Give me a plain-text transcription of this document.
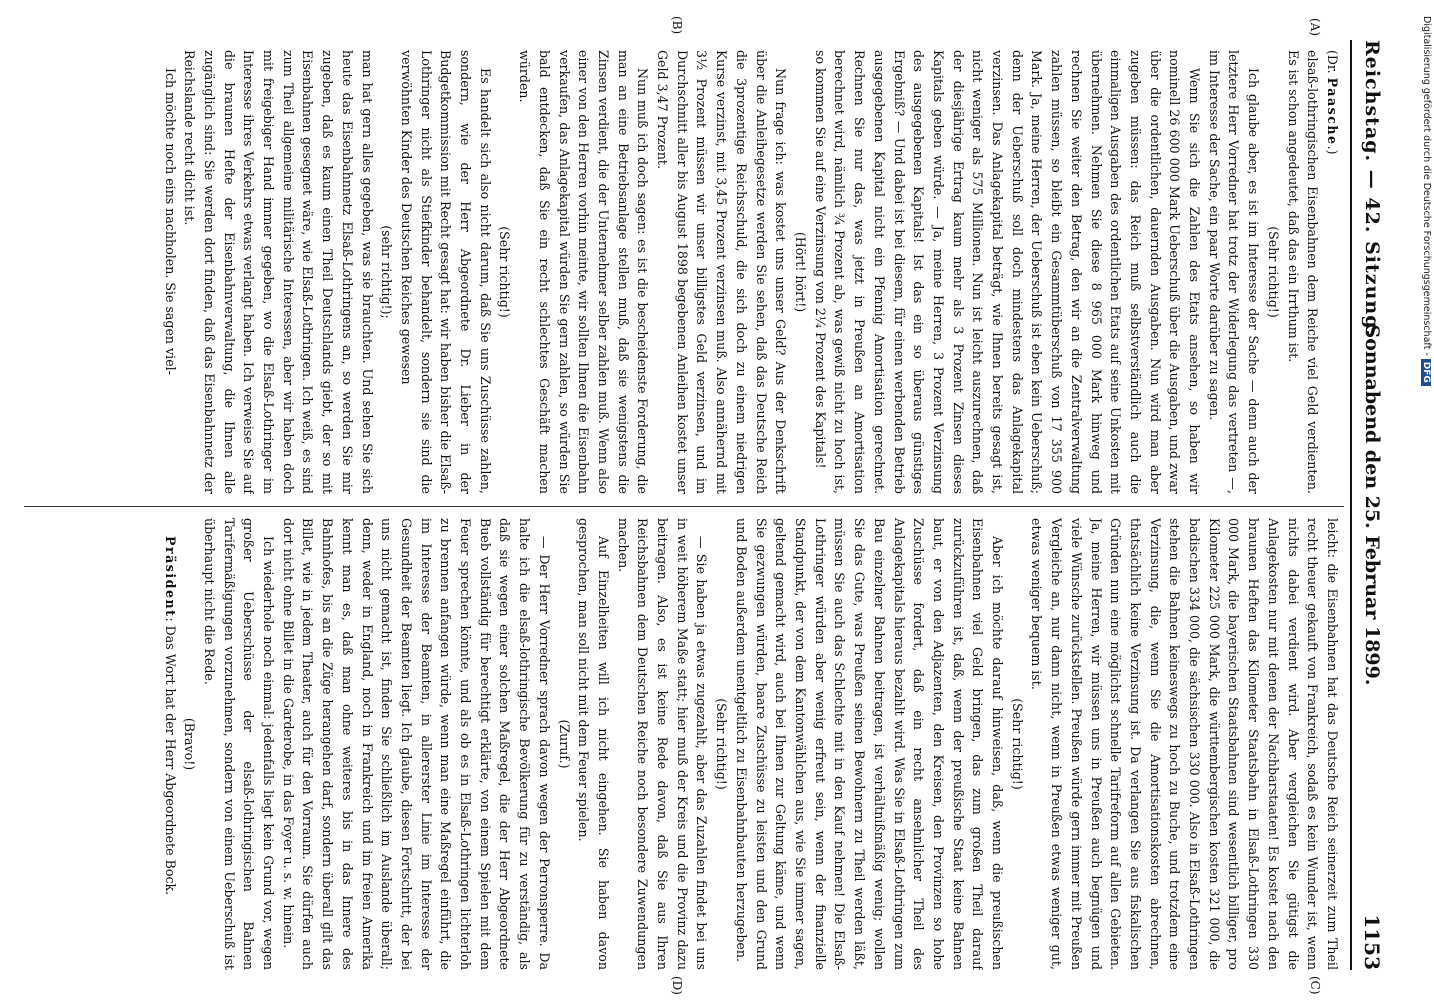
Reichstag. — 42. Sitzung.
Sonnabend den 25. Februar 1899.
1153
(A)
(B)
(C)
(D)

(Dr. Paasche.)

elsaß-lothringischen Eisenbahnen dem Reiche viel Geld verdienten. Es ist schon angedeutet, daß das ein Irrthum ist.

(Sehr richtig!)

Ich glaube aber, es ist im Interesse der Sache — denn auch der letztere Herr Vorredner hat trotz der Widerlegung das vertreten —, im Interesse der Sache, ein paar Worte darüber zu sagen.

Wenn Sie sich die Zahlen des Etats ansehen, so haben wir nominell 26 600 000 Mark Ueberschuß über die Ausgaben, und zwar über die ordentlichen, dauernden Ausgaben. Nun wird man aber zugeben müssen: das Reich muß selbstverständlich auch die einmaligen Ausgaben des ordentlichen Etats auf seine Unkosten mit übernehmen. Nehmen Sie diese 8 965 000 Mark hinweg und rechnen Sie weiter den Betrag, den wir an die Zentralverwaltung zahlen müssen, so bleibt ein Gesammtüberschuß von 17 355 900 Mark. Ja, meine Herren, der Ueberschuß ist eben kein Ueberschuß; denn der Ueberschuß soll doch mindestens das Anlagekapital verzinsen. Das Anlagekapital beträgt, wie Ihnen bereits gesagt ist, nicht weniger als 575 Millionen. Nun ist leicht auszurechnen, daß der diesjährige Ertrag kaum mehr als 3 Prozent Zinsen dieses Kapitals geben würde. — Ja, meine Herren, 3 Prozent Verzinsung des ausgegebenen Kapitals! Ist das ein so überaus günstiges Ergebniß? — Und dabei ist bei diesem, für einen werbenden Betrieb ausgegebenen Kapital nicht ein Pfennig Amortisation gerechnet. Rechnen Sie nur das, was jetzt in Preußen an Amortisation berechnet wird, nämlich ¾ Prozent ab, was gewiß nicht zu hoch ist, so kommen Sie auf eine Verzinsung von 2¼ Prozent des Kapitals!

(Hört! hört!)

Nun frage ich: was kostet uns unser Geld? Aus der Denkschrift über die Anleihegesetze werden Sie sehen, daß das Deutsche Reich die 3prozentige Reichsschuld, die sich doch zu einem niedrigen Kurse verzinst, mit 3,45 Prozent verzinsen muß. Also annähernd mit 3½ Prozent müssen wir unser billigstes Geld verzinsen, und im Durchschnitt aller bis August 1898 begebenen Anleihen kostet unser Geld 3,47 Prozent.

Nun muß ich doch sagen: es ist die bescheidenste Forderung, die man an eine Betriebsanlage stellen muß, daß sie wenigstens die Zinsen verdient, die der Unternehmer selber zahlen muß. Wenn also einer von den Herren vorhin meinte, wir sollten Ihnen die Eisenbahn verkaufen, das Anlagekapital würden Sie gern zahlen, so würden Sie bald entdecken, daß Sie ein recht schlechtes Geschäft machen würden.

(Sehr richtig!)

Es handelt sich also nicht darum, daß Sie uns Zuschüsse zahlen, sondern, wie der Herr Abgeordnete Dr. Lieber in der Budgetkommission mit Recht gesagt hat: wir haben bisher die Elsaß-Lothringer nicht als Stiefkinder behandelt, sondern sie sind die verwöhnten Kinder des Deutschen Reiches gewesen

(sehr richtig!);

man hat gern alles gegeben, was sie brauchten. Und sehen Sie sich heute das Eisenbahnnetz Elsaß-Lothringens an, so werden Sie mir zugeben, daß es kaum einen Theil Deutschlands giebt, der so mit Eisenbahnen gesegnet wäre, wie Elsaß-Lothringen. Ich weiß, es sind zum Theil allgemeine militärische Interessen, aber wir haben doch mit freigebiger Hand immer gegeben, wo die Elsaß-Lothringer im Interesse ihres Verkehrs etwas verlangt haben. Ich verweise Sie auf die braunen Hefte der Eisenbahnverwaltung, die Ihnen alle zugänglich sind: Sie werden dort finden, daß das Eisenbahnnetz der Reichslande recht dicht ist.

Ich möchte noch eins nachholen. Sie sagen viel-

leicht: die Eisenbahnen hat das Deutsche Reich seinerzeit zum Theil recht theuer gekauft von Frankreich, sodaß es kein Wunder ist, wenn nichts dabei verdient wird. Aber vergleichen Sie gütigst die Anlagekosten nur mit denen der Nachbarstaaten! Es kostet nach den braunen Heften das Kilometer Staatsbahn in Elsaß-Lothringen 330 000 Mark, die bayerischen Staatsbahnen sind wesentlich billiger, pro Kilometer 225 000 Mark, die württembergischen kosten 321 000, die badischen 334 000, die sächsischen 330 000. Also in Elsaß-Lothringen stehen die Bahnen keineswegs zu hoch zu Buche, und trotzdem eine Verzinsung, die, wenn Sie die Amortisationskosten abrechnen, thatsächlich keine Verzinsung ist. Da verlangen Sie aus fiskalischen Gründen nun eine möglichst schnelle Tarifreform auf allen Gebieten. Ja, meine Herren, wir müssen uns in Preußen auch begnügen und viele Wünsche zurückstellen. Preußen würde gern immer mit Preußen Vergleiche an, nur dann nicht, wenn in Preußen etwas weniger gut, etwas weniger bequem ist.

(Sehr richtig!)

Aber ich möchte darauf hinweisen, daß, wenn die preußischen Eisenbahnen viel Geld bringen, das zum großen Theil darauf zurückzuführen ist, daß, wenn der preußische Staat keine Bahnen baut, er von den Adjazenten, den Kreisen, den Provinzen so hohe Zuschüsse fordert, daß ein recht ansehnlicher Theil des Anlagekapitals hieraus bezahlt wird. Was Sie in Elsaß-Lothringen zum Bau einzelner Bahnen beitragen, ist verhältnißmäßig wenig; wollen Sie das Gute, was Preußen seinen Bewohnern zu Theil werden läßt, müssen Sie auch das Schlechte mit in den Kauf nehmen! Die Elsaß-Lothringer würden aber wenig erfreut sein, wenn der finanzielle Standpunkt, der von dem Kantonwählchen aus, wie Sie immer sagen, geltend gemacht wird, auch bei Ihnen zur Geltung käme, und wenn Sie gezwungen würden, baare Zuschüsse zu leisten und den Grund und Boden außerdem unentgeltlich zu Eisenbahnbauten herzugeben.

(Sehr richtig!)

— Sie haben ja etwas zugezahlt, aber das Zuzahlen findet bei uns in weit höherem Maße statt; hier muß der Kreis und die Provinz dazu beitragen. Also, es ist keine Rede davon, daß Sie aus Ihren Reichsbahnen dem Deutschen Reiche noch besondere Zuwendungen machen.

Auf Einzelheiten will ich nicht eingehen. Sie haben davon gesprochen, man soll nicht mit dem Feuer spielen.

(Zuruf.)

— Der Herr Vorredner sprach davon wegen der Perronsperre. Da halte ich die elsaß-lothringische Bevölkerung für zu verständig, als daß sie wegen einer solchen Maßregel, die der Herr Abgeordnete Bueb vollständig für berechtigt erklärte, von einem Spielen mit dem Feuer sprechen könnte, und als ob es in Elsaß-Lothringen lichterloh zu brennen anfangen würde, wenn man eine Maßregel einführt, die im Interesse der Beamten, in allererster Linie im Interesse der Gesundheit der Beamten liegt. Ich glaube, diesen Fortschritt, der bei uns nicht gemacht ist, finden Sie schließlich im Auslande überall; denn, weder in England, noch in Frankreich und im freien Amerika kennt man es, daß man ohne weiteres bis in das Innere des Bahnhofes, bis an die Züge herangehen darf, sondern überall gilt das Billet, wie in jedem Theater, auch für den Vorraum. Sie dürfen auch dort nicht ohne Billet in die Garderobe, in das Foyer u. s. w. hinein.

Ich wiederhole noch einmal: jedenfalls liegt kein Grund vor, wegen großer Ueberschüsse der elsaß-lothringischen Bahnen Tarifermäßigungen vorzunehmen, sondern von einem Ueberschuß ist überhaupt nicht die Rede.

(Bravo!)

Präsident: Das Wort hat der Herr Abgeordnete Bock.

Digitalisierung gefördert durch die Deutsche Forschungsgemeinschaft -DFG
